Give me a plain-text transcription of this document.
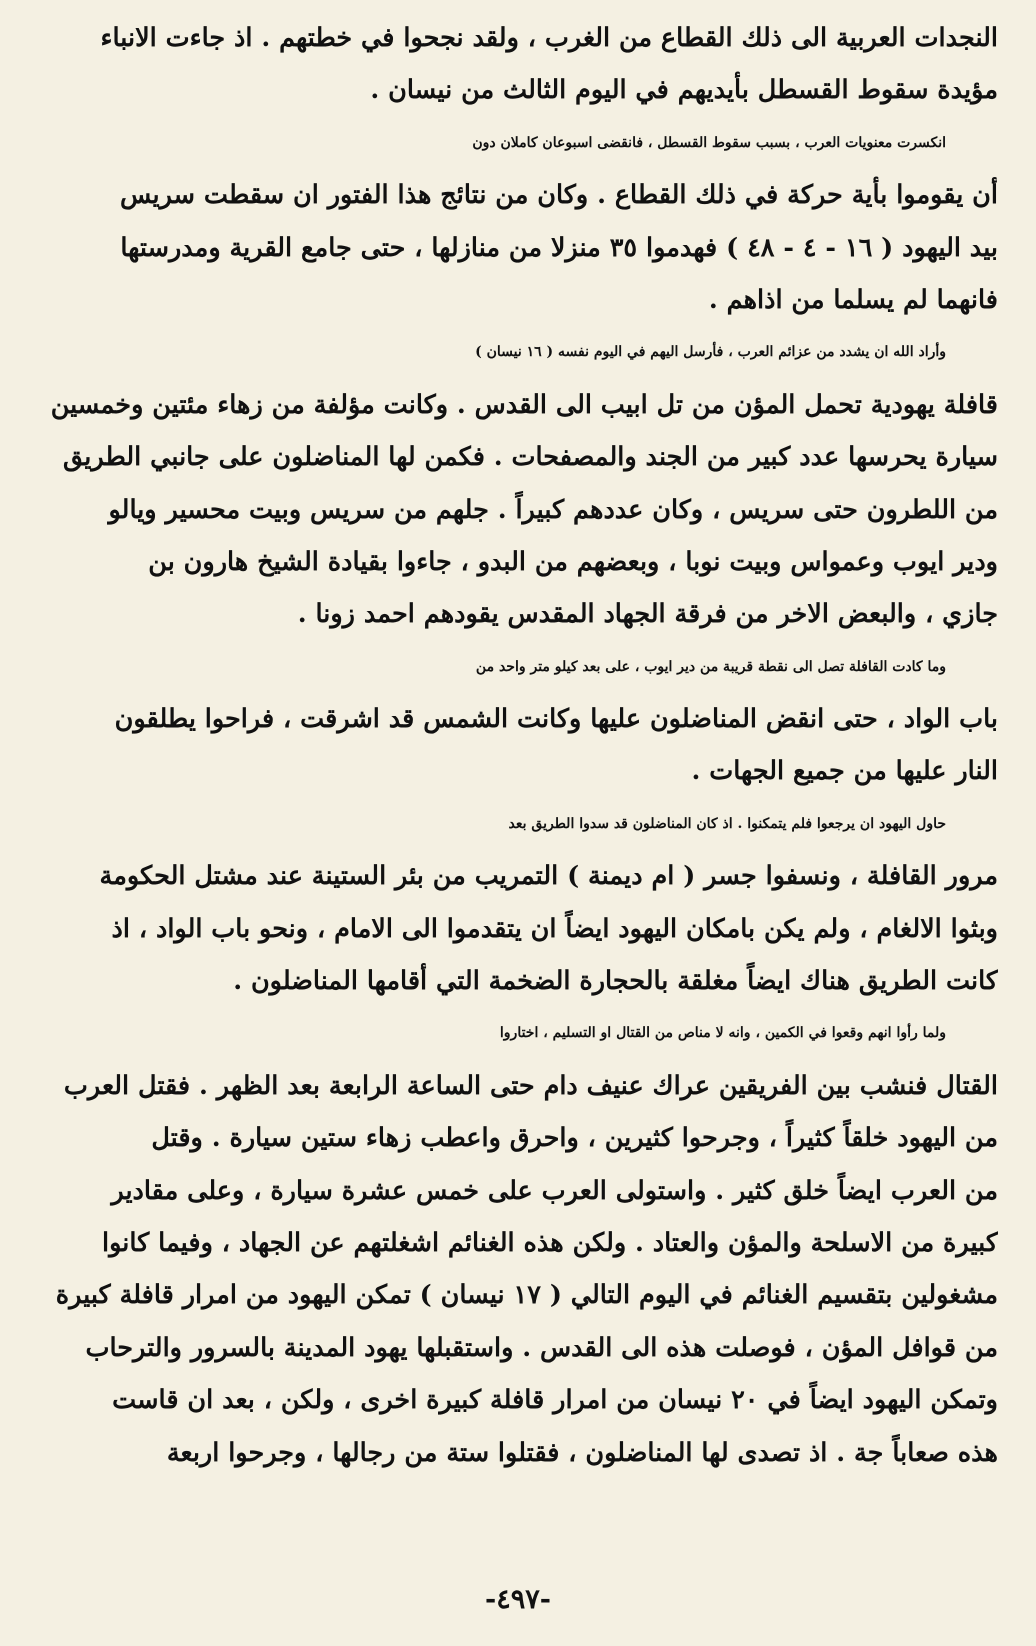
النجدات العربية الى ذلك القطاع من الغرب ، ولقد نجحوا في خطتهم . اذ جاءت الانباء
مؤيدة سقوط القسطل بأيديهم في اليوم الثالث من نيسان .
انكسرت معنويات العرب ، بسبب سقوط القسطل ، فانقضى اسبوعان كاملان دون
أن يقوموا بأية حركة في ذلك القطاع . وكان من نتائج هذا الفتور ان سقطت سريس
بيد اليهود ( ١٦ - ٤ - ٤٨ ) فهدموا ٣٥ منزلا من منازلها ، حتى جامع القرية ومدرستها
فانهما لم يسلما من اذاهم .
وأراد الله ان يشدد من عزائم العرب ، فأرسل اليهم في اليوم نفسه ( ١٦ نيسان )
قافلة يهودية تحمل المؤن من تل ابيب الى القدس . وكانت مؤلفة من زهاء مئتين وخمسين
سيارة يحرسها عدد كبير من الجند والمصفحات . فكمن لها المناضلون على جانبي الطريق
من اللطرون حتى سريس ، وكان عددهم كبيراً . جلهم من سريس وبيت محسير ويالو
ودير ايوب وعمواس وبيت نوبا ، وبعضهم من البدو ، جاءوا بقيادة الشيخ هارون بن
جازي ، والبعض الاخر من فرقة الجهاد المقدس يقودهم احمد زونا .
وما كادت القافلة تصل الى نقطة قريبة من دير ايوب ، على بعد كيلو متر واحد من
باب الواد ، حتى انقض المناضلون عليها وكانت الشمس قد اشرقت ، فراحوا يطلقون
النار عليها من جميع الجهات .
حاول اليهود ان يرجعوا فلم يتمكنوا . اذ كان المناضلون قد سدوا الطريق بعد
مرور القافلة ، ونسفوا جسر ( ام ديمنة ) التمريب من بئر الستينة عند مشتل الحكومة
وبثوا الالغام ، ولم يكن بامكان اليهود ايضاً ان يتقدموا الى الامام ، ونحو باب الواد ، اذ
كانت الطريق هناك ايضاً مغلقة بالحجارة الضخمة التي أقامها المناضلون .
ولما رأوا انهم وقعوا في الكمين ، وانه لا مناص من القتال او التسليم ، اختاروا
القتال فنشب بين الفريقين عراك عنيف دام حتى الساعة الرابعة بعد الظهر . فقتل العرب
من اليهود خلقاً كثيراً ، وجرحوا كثيرين ، واحرق واعطب زهاء ستين سيارة . وقتل
من العرب ايضاً خلق كثير . واستولى العرب على خمس عشرة سيارة ، وعلى مقادير
كبيرة من الاسلحة والمؤن والعتاد . ولكن هذه الغنائم اشغلتهم عن الجهاد ، وفيما كانوا
مشغولين بتقسيم الغنائم في اليوم التالي ( ١٧ نيسان ) تمكن اليهود من امرار قافلة كبيرة
من قوافل المؤن ، فوصلت هذه الى القدس . واستقبلها يهود المدينة بالسرور والترحاب
وتمكن اليهود ايضاً في ٢٠ نيسان من امرار قافلة كبيرة اخرى ، ولكن ، بعد ان قاست
هذه صعاباً جة . اذ تصدى لها المناضلون ، فقتلوا ستة من رجالها ، وجرحوا اربعة
-٤٩٧-
